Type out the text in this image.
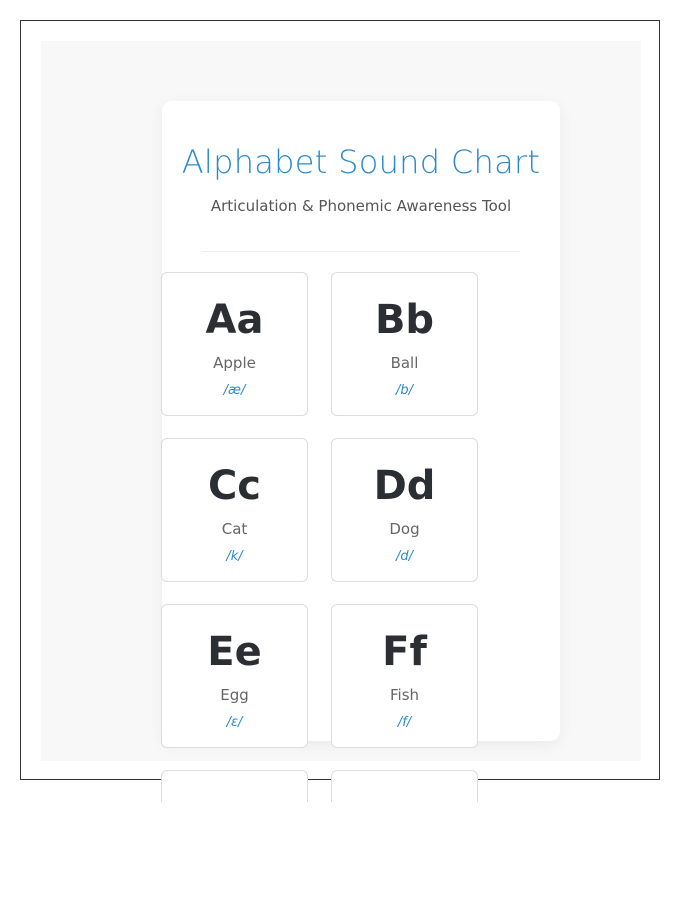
Alphabet Sound Chart
Articulation & Phonemic Awareness Tool
Aa
Apple
/æ/
Bb
Ball
/b/
Cc
Cat
/k/
Dd
Dog
/d/
Ee
Egg
/ɛ/
Ff
Fish
/f/
